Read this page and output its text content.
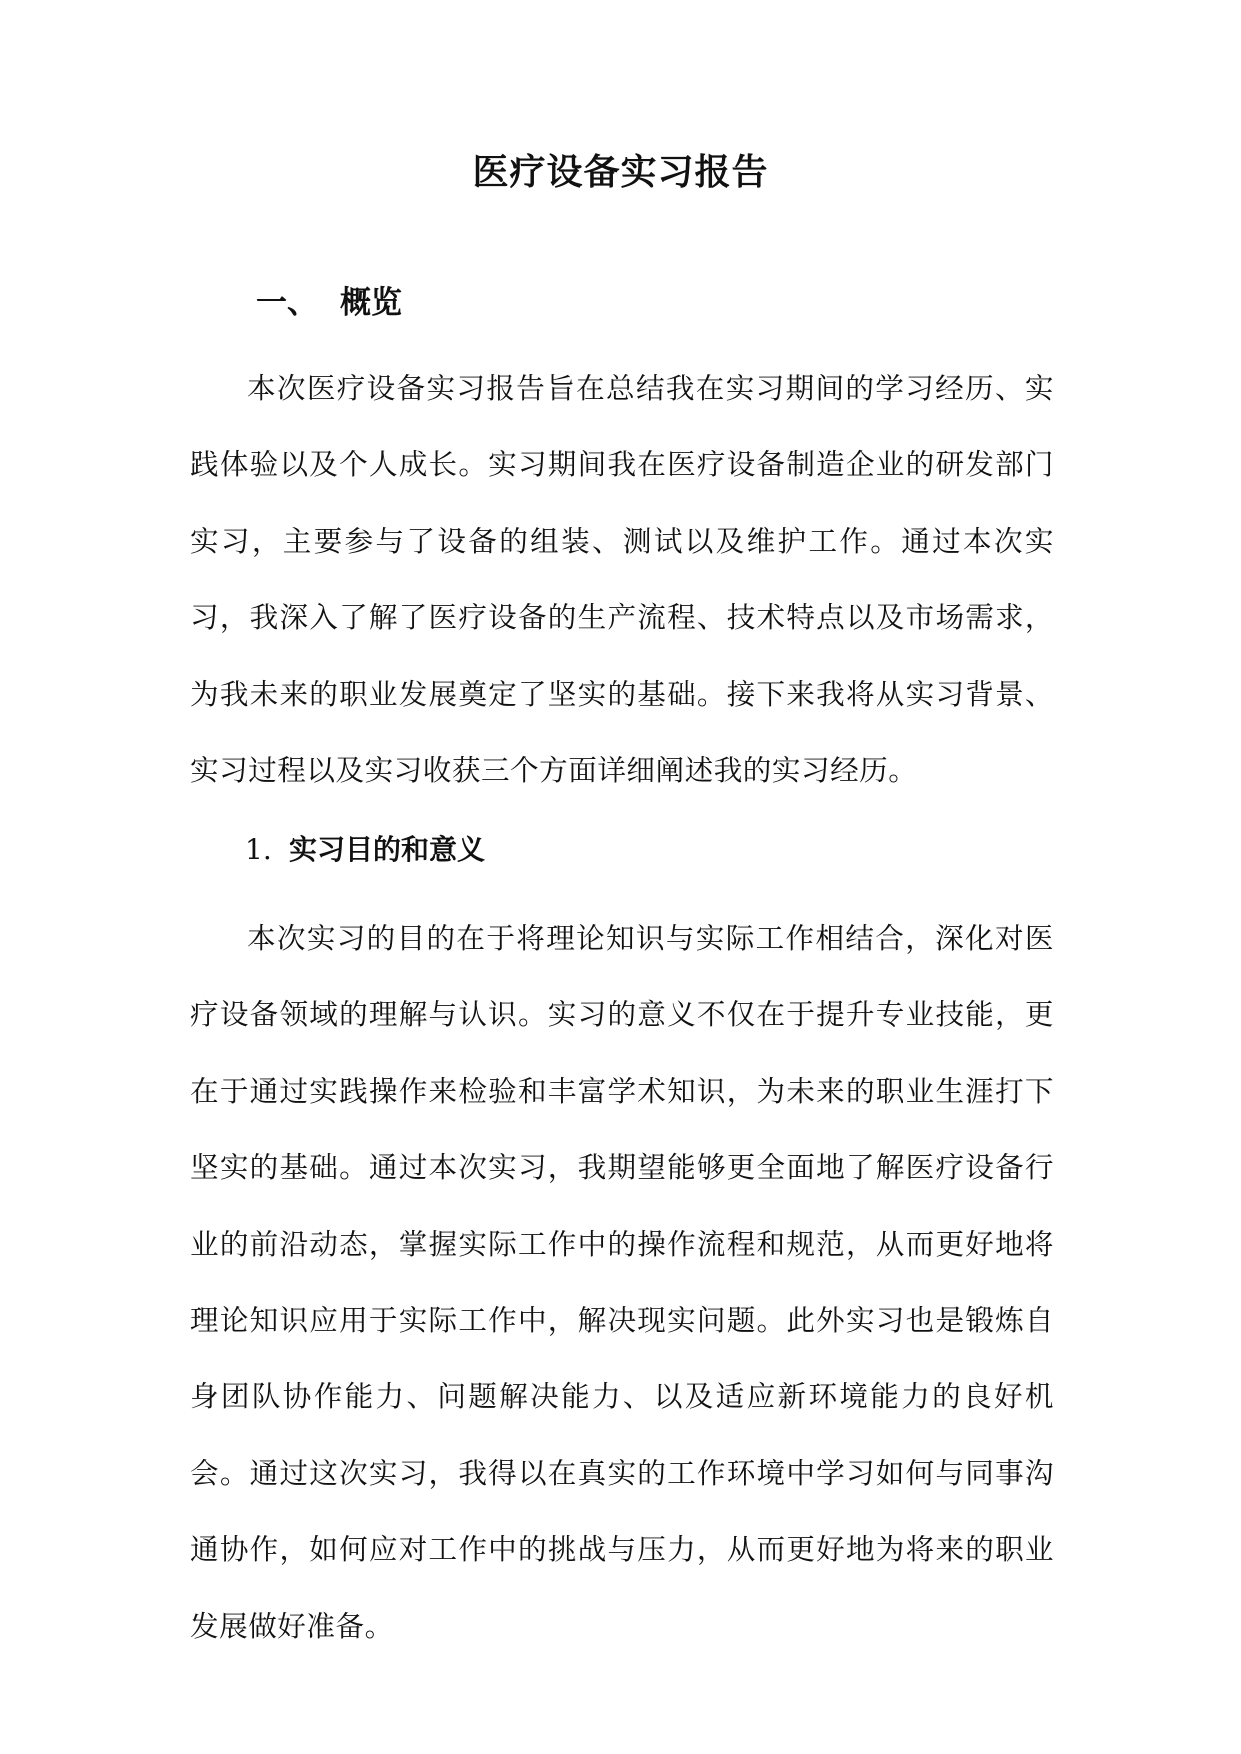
医疗设备实习报告
一、 概览

本次医疗设备实习报告旨在总结我在实习期间的学习经历、实践体验以及个人成长。实习期间我在医疗设备制造企业的研发部门实习，主要参与了设备的组装、测试以及维护工作。通过本次实习，我深入了解了医疗设备的生产流程、技术特点以及市场需求，为我未来的职业发展奠定了坚实的基础。接下来我将从实习背景、实习过程以及实习收获三个方面详细阐述我的实习经历。

1. 实习目的和意义

本次实习的目的在于将理论知识与实际工作相结合，深化对医疗设备领域的理解与认识。实习的意义不仅在于提升专业技能，更在于通过实践操作来检验和丰富学术知识，为未来的职业生涯打下坚实的基础。通过本次实习，我期望能够更全面地了解医疗设备行业的前沿动态，掌握实际工作中的操作流程和规范，从而更好地将理论知识应用于实际工作中，解决现实问题。此外实习也是锻炼自身团队协作能力、问题解决能力、以及适应新环境能力的良好机会。通过这次实习，我得以在真实的工作环境中学习如何与同事沟通协作，如何应对工作中的挑战与压力，从而更好地为将来的职业发展做好准备。
